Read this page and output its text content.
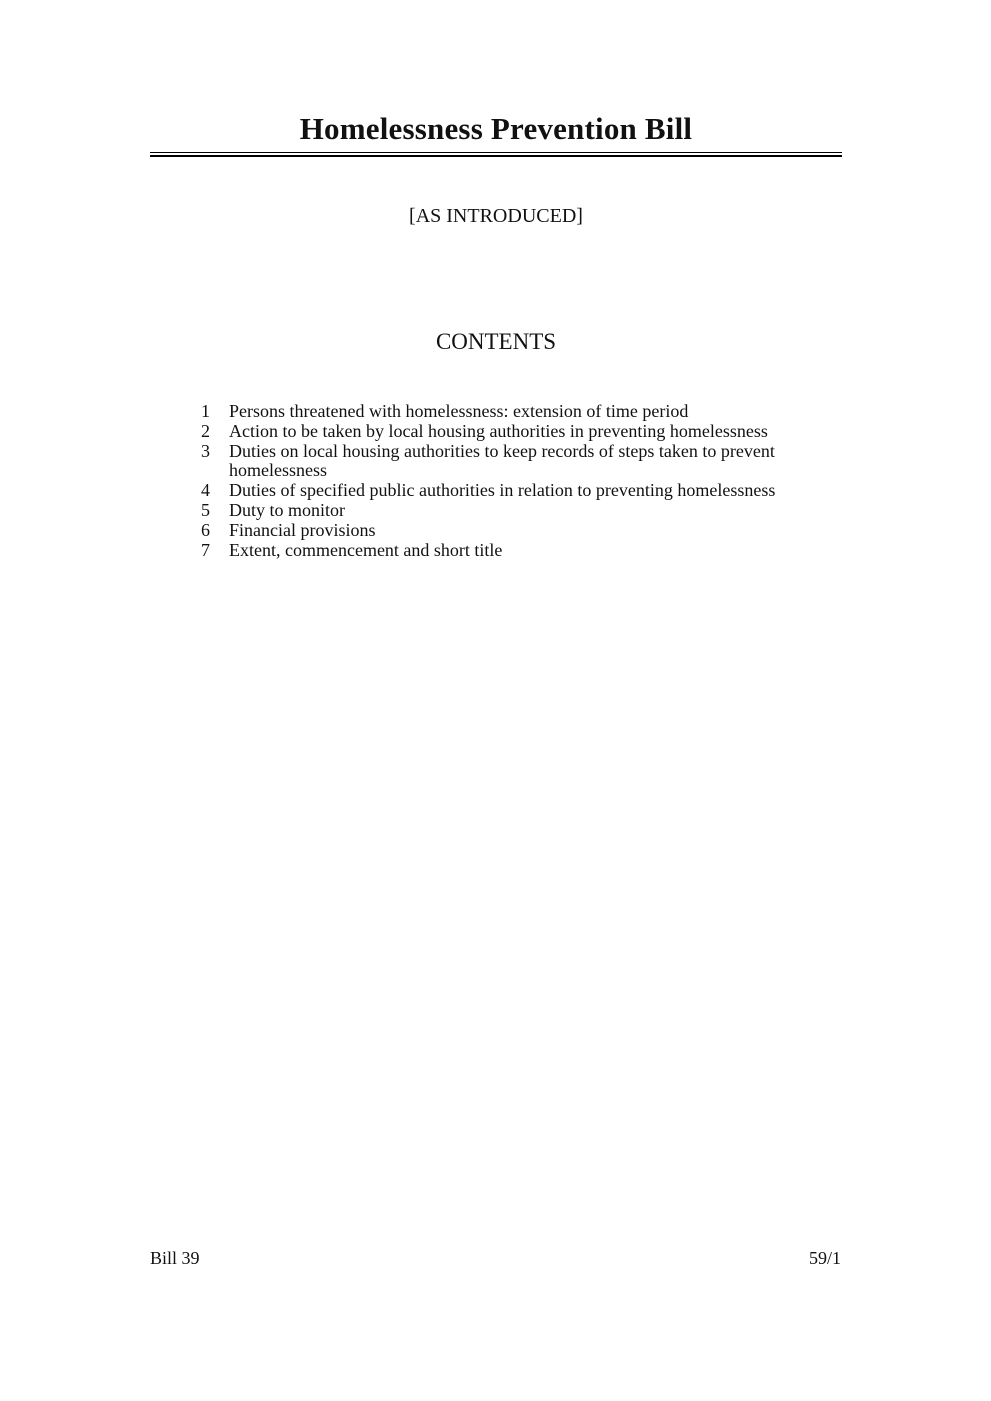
Homelessness Prevention Bill
[AS INTRODUCED]
CONTENTS
1 Persons threatened with homelessness: extension of time period
2 Action to be taken by local housing authorities in preventing homelessness
3 Duties on local housing authorities to keep records of steps taken to prevent homelessness
4 Duties of specified public authorities in relation to preventing homelessness
5 Duty to monitor
6 Financial provisions
7 Extent, commencement and short title
Bill 39	59/1
